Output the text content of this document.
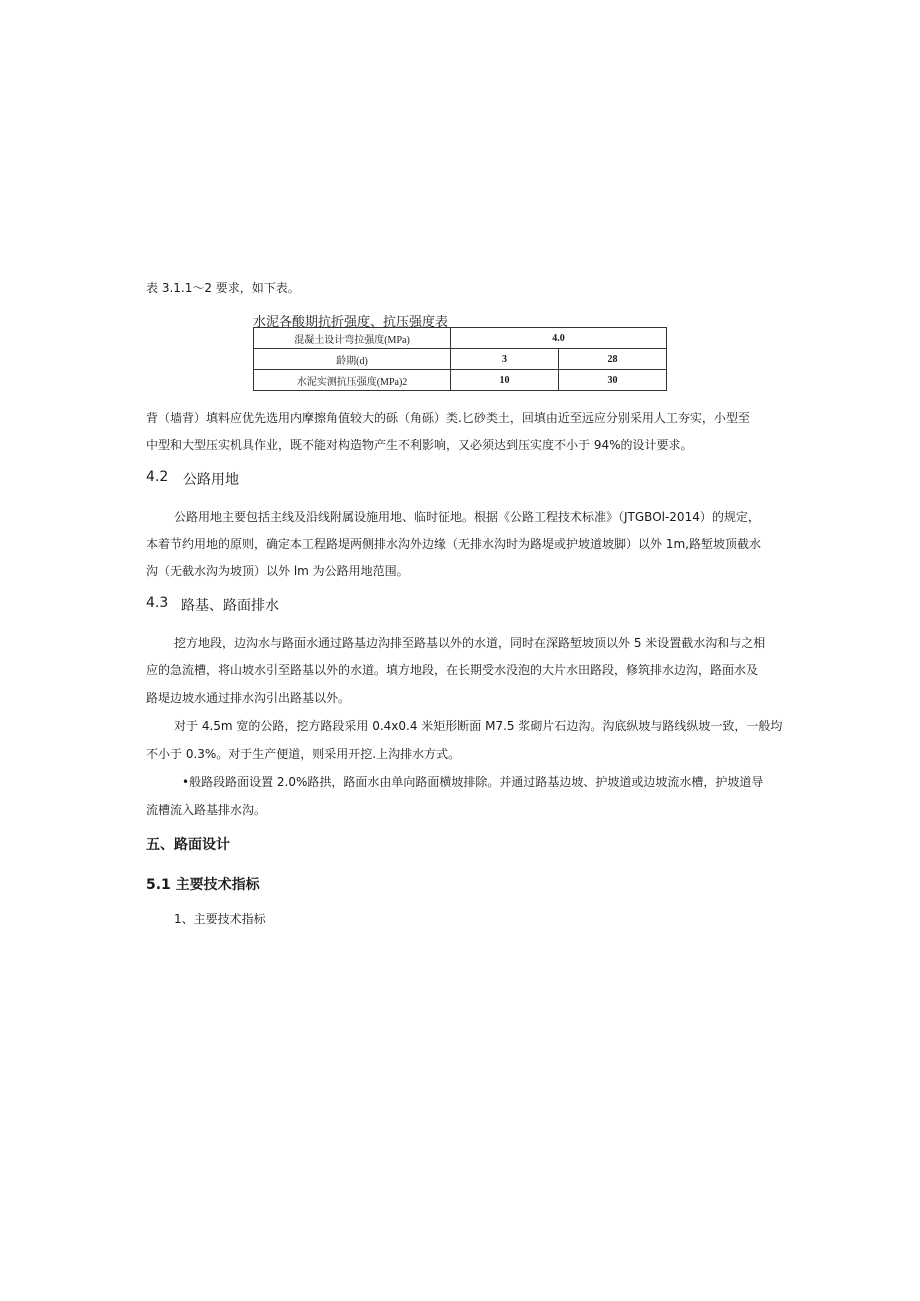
表 3.1.1～2 要求，如下表。
水泥各酸期抗折强度、抗压强度表
混凝土设计弯拉强度(MPa)	4.0	
龄期(d)	3	28
水泥实测抗压强度(MPa)2	10	30
背（墙背）填料应优先选用内摩擦角值较大的砾（角砾）类.匕砂类土，回填由近至远应分别采用人工夯实，小型至
中型和大型压实机具作业，既不能对构造物产生不利影响，又必须达到压实度不小于 94%的设计要求。
4.2 公路用地
公路用地主要包括主线及沿线附属设施用地、临时征地。根据《公路工程技术标准》（JTGBOl-2014）的规定，
本着节约用地的原则，确定本工程路堤两侧排水沟外边缘（无排水沟时为路堤或护坡道坡脚）以外 1m,路堑坡顶截水
沟（无截水沟为坡顶）以外 lm 为公路用地范围。
4.3 路基、路面排水
挖方地段，边沟水与路面水通过路基边沟排至路基以外的水道，同时在深路堑坡顶以外 5 米设置截水沟和与之相
应的急流槽，将山坡水引至路基以外的水道。填方地段，在长期受水没泡的大片水田路段，修筑排水边沟，路面水及
路堤边坡水通过排水沟引出路基以外。
对于 4.5m 宽的公路，挖方路段采用 0.4x0.4 米矩形断面 M7.5 浆砌片石边沟。沟底纵坡与路线纵坡一致，一般均
不小于 0.3%。对于生产便道，则采用开挖.上沟排水方式。
•般路段路面设置 2.0%路拱，路面水由单向路面横坡排除。并通过路基边坡、护坡道或边坡流水槽，护坡道导
流槽流入路基排水沟。
五、路面设计
5.1 主要技术指标
1、主要技术指标
